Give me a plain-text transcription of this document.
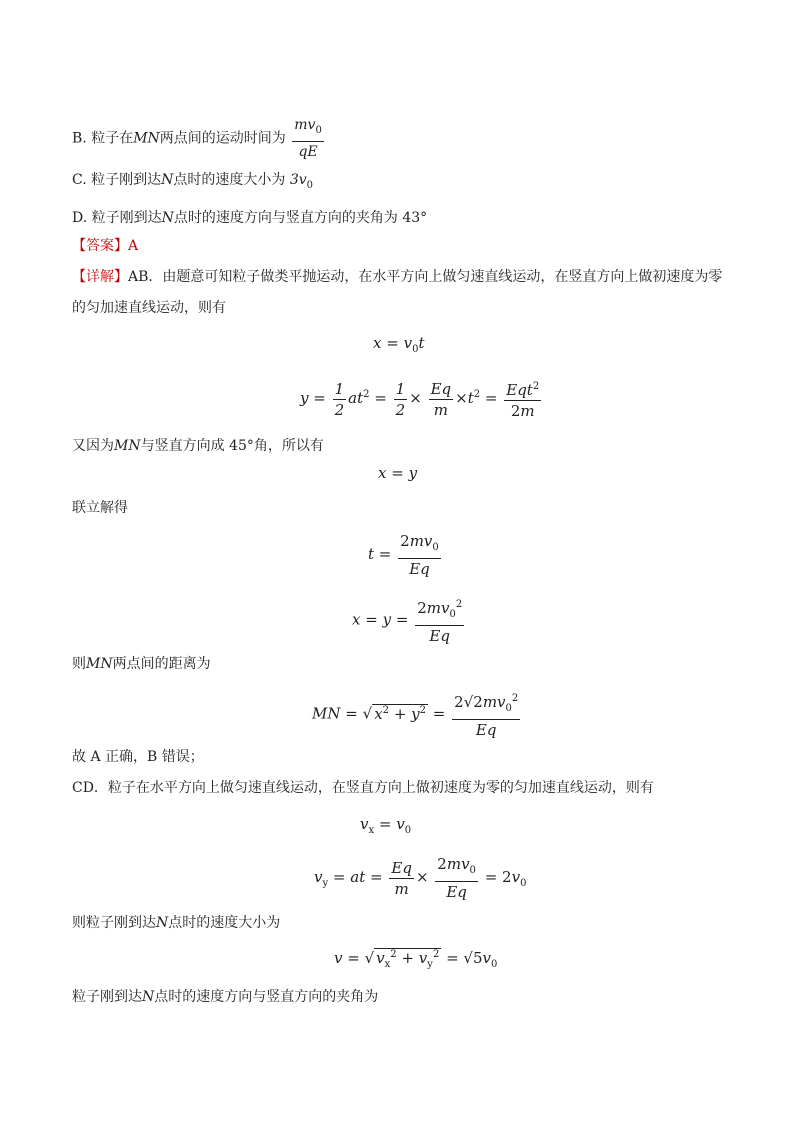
B. 粒子在MN两点间的运动时间为 $\frac{mv_0}{qE}$
C. 粒子刚到达N点时的速度大小为 $3v_0$
D. 粒子刚到达N点时的速度方向与竖直方向的夹角为 43°
【答案】A
【详解】AB．由题意可知粒子做类平抛运动，在水平方向上做匀速直线运动，在竖直方向上做初速度为零
的匀加速直线运动，则有
$x = v_0t$
$y = \frac{1}{2} at^2 = \frac{1}{2} \times \frac{Eq}{m} \times t^2 = \frac{Eqt^2}{2m}$
又因为MN与竖直方向成 45°角，所以有
x = y
联立解得
$t = \frac{2mv_0}{Eq}$
$x = y = \frac{2mv_0^2}{Eq}$
则MN两点间的距离为
MN = √ $x^2 + y^2 = \frac{2√2mv_0^2}{Eq}$
故 A 正确，B 错误；
CD．粒子在水平方向上做匀速直线运动，在竖直方向上做初速度为零的匀加速直线运动，则有
$v_x = v_0$
$v_y$ = at = $\frac{Eq}{m} \times \frac{2mv_0}{Eq} = 2v_0$
则粒子刚到达N点时的速度大小为
v = √ $v_x^2 + v_y^2 = √5v_0$
粒子刚到达N点时的速度方向与竖直方向的夹角为
